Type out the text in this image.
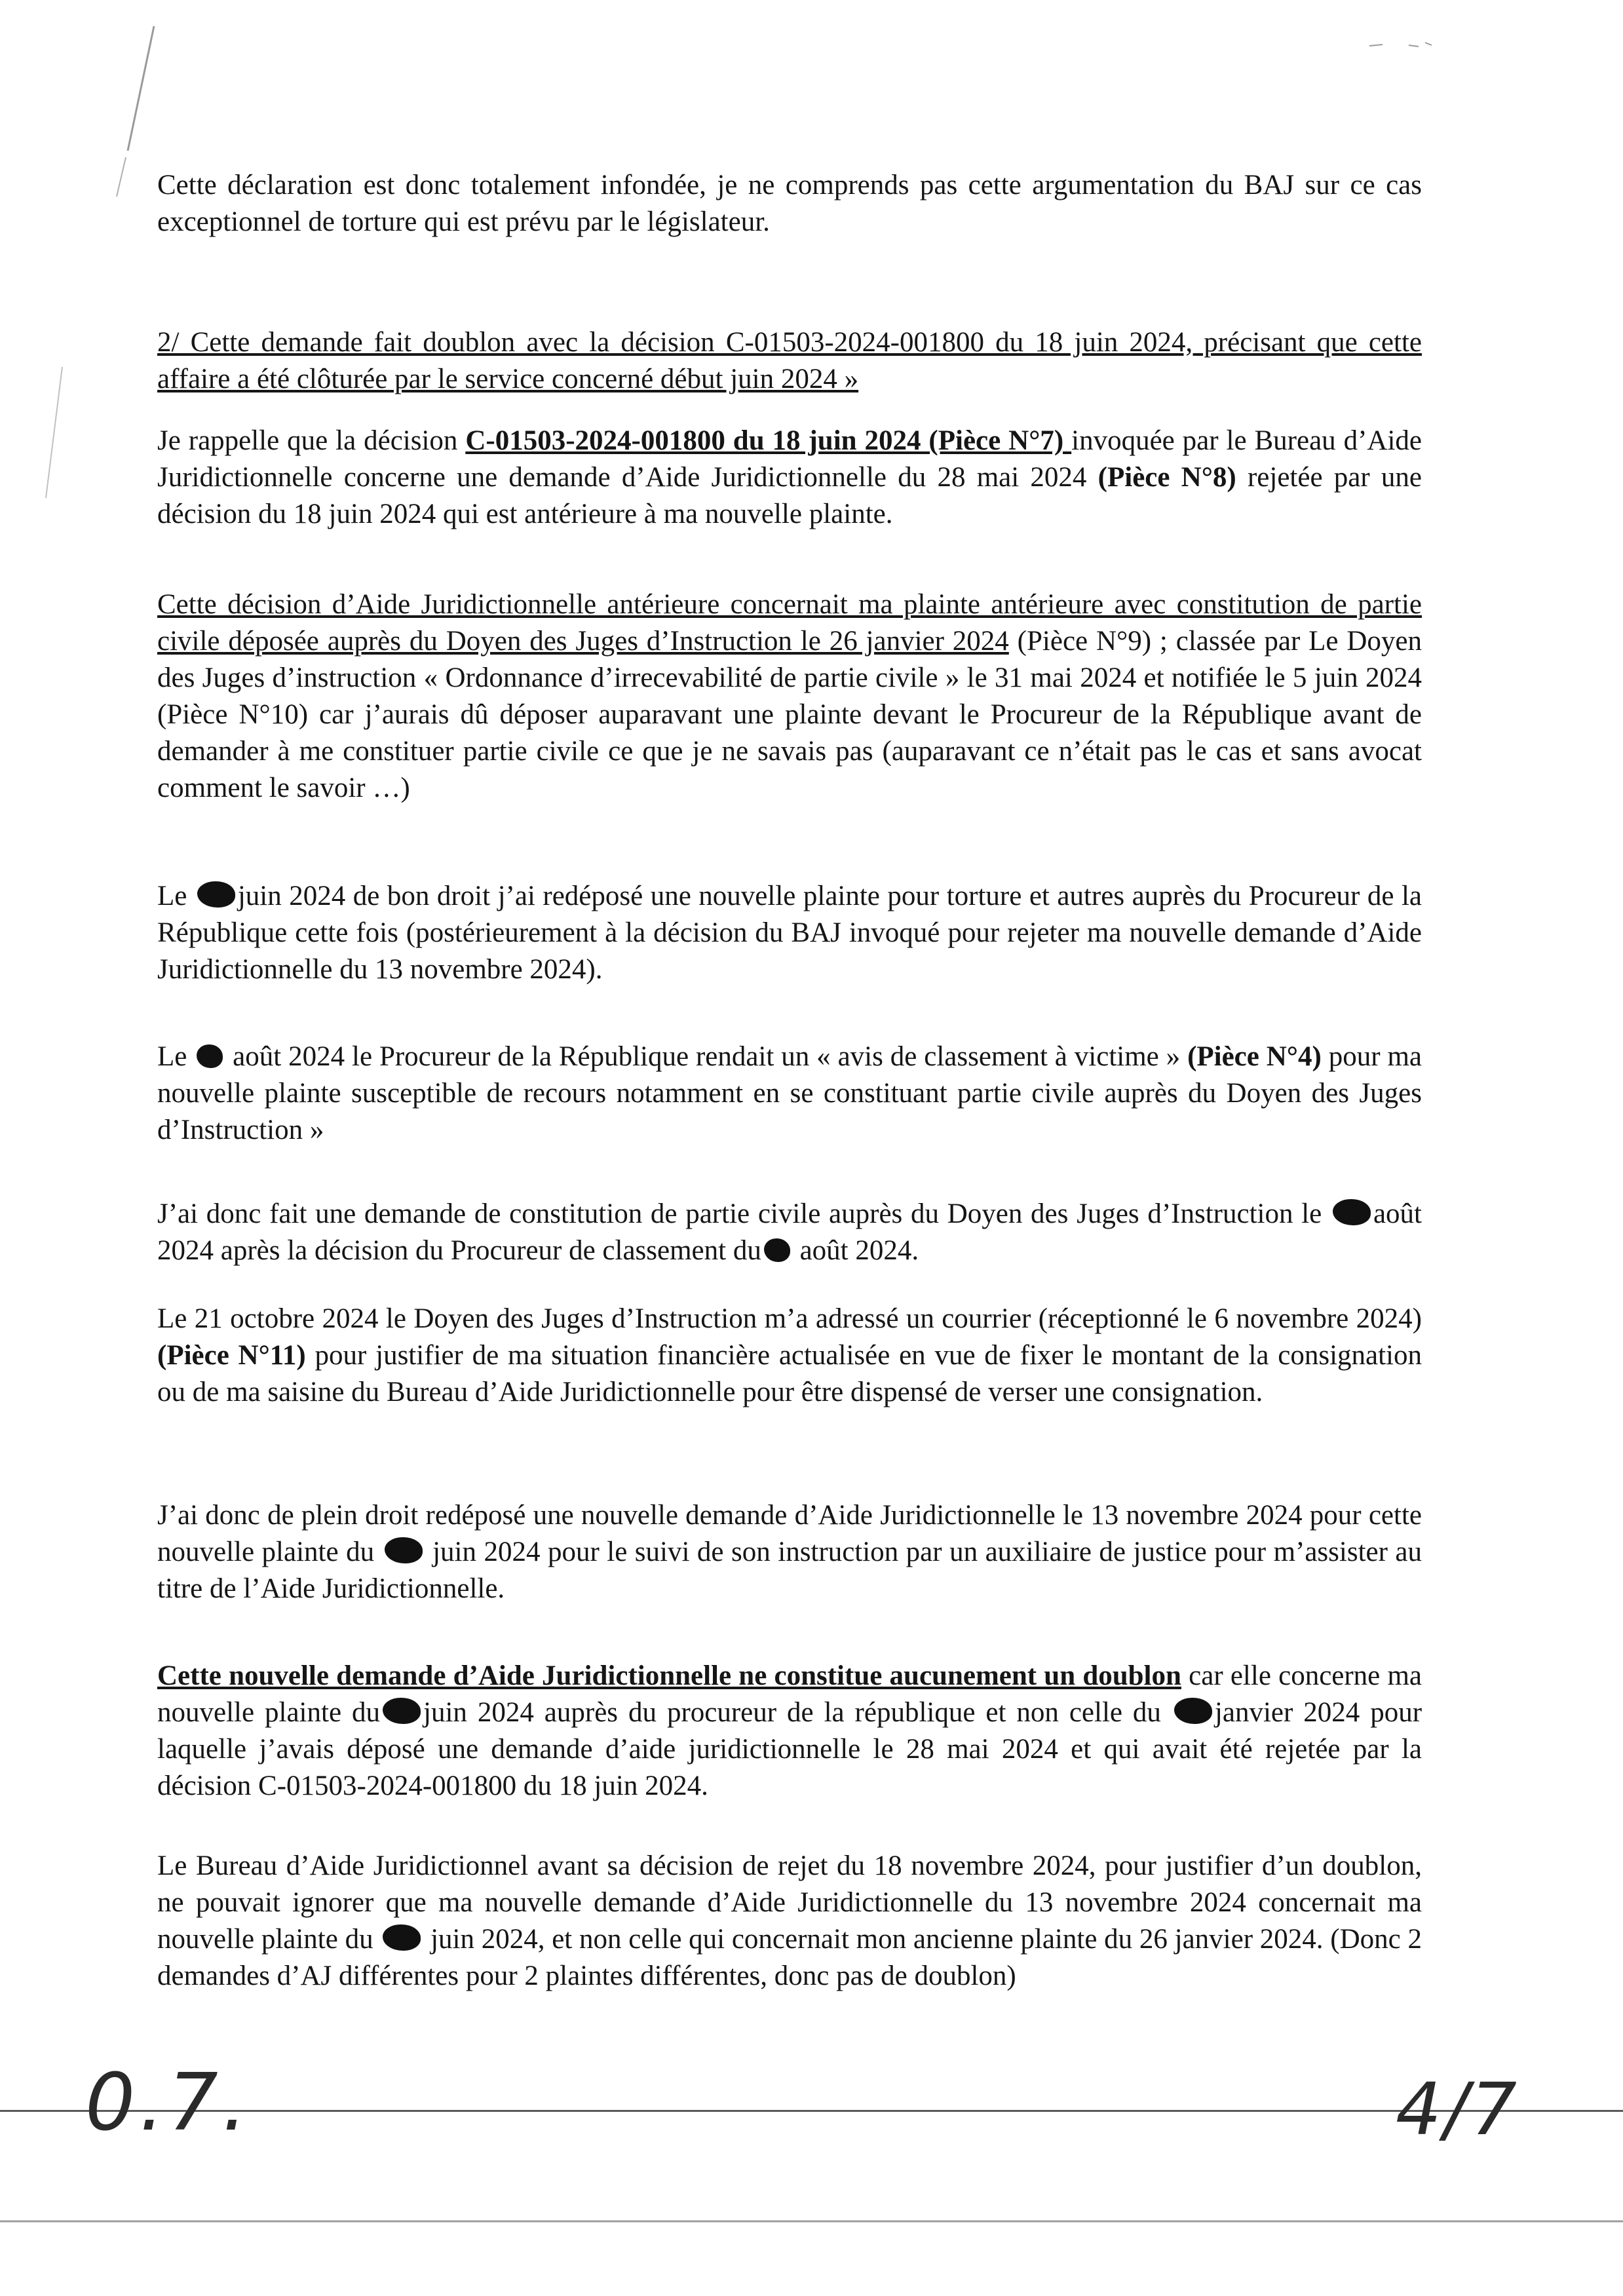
Cette déclaration est donc totalement infondée, je ne comprends pas cette argumentation du BAJ sur ce cas exceptionnel de torture qui est prévu par le législateur.
2/ Cette demande fait doublon avec la décision C-01503-2024-001800 du 18 juin 2024, précisant que cette affaire a été clôturée par le service concerné début juin 2024 »
Je rappelle que la décision C-01503-2024-001800 du 18 juin 2024 (Pièce N°7) invoquée par le Bureau d’Aide Juridictionnelle concerne une demande d’Aide Juridictionnelle du 28 mai 2024 (Pièce N°8) rejetée par une décision du 18 juin 2024 qui est antérieure à ma nouvelle plainte.
Cette décision d’Aide Juridictionnelle antérieure concernait ma plainte antérieure avec constitution de partie civile déposée auprès du Doyen des Juges d’Instruction le 26 janvier 2024 (Pièce N°9) ; classée par Le Doyen des Juges d’instruction « Ordonnance d’irrecevabilité de partie civile » le 31 mai 2024 et notifiée le 5 juin 2024 (Pièce N°10) car j’aurais dû déposer auparavant une plainte devant le Procureur de la République avant de demander à me constituer partie civile ce que je ne savais pas (auparavant ce n’était pas le cas et sans avocat comment le savoir …)
Le juin 2024 de bon droit j’ai redéposé une nouvelle plainte pour torture et autres auprès du Procureur de la République cette fois (postérieurement à la décision du BAJ invoqué pour rejeter ma nouvelle demande d’Aide Juridictionnelle du 13 novembre 2024).
Le  août 2024 le Procureur de la République rendait un « avis de classement à victime » (Pièce N°4) pour ma nouvelle plainte susceptible de recours notamment en se constituant partie civile auprès du Doyen des Juges d’Instruction »
J’ai donc fait une demande de constitution de partie civile auprès du Doyen des Juges d’Instruction le août 2024 après la décision du Procureur de classement du août 2024.
Le 21 octobre 2024 le Doyen des Juges d’Instruction m’a adressé un courrier (réceptionné le 6 novembre 2024) (Pièce N°11) pour justifier de ma situation financière actualisée en vue de fixer le montant de la consignation ou de ma saisine du Bureau d’Aide Juridictionnelle pour être dispensé de verser une consignation.
J’ai donc de plein droit redéposé une nouvelle demande d’Aide Juridictionnelle le 13 novembre 2024 pour cette nouvelle plainte du  juin 2024 pour le suivi de son instruction par un auxiliaire de justice pour m’assister au titre de l’Aide Juridictionnelle.
Cette nouvelle demande d’Aide Juridictionnelle ne constitue aucunement un doublon car elle concerne ma nouvelle plainte du juin 2024 auprès du procureur de la république et non celle du janvier 2024 pour laquelle j’avais déposé une demande d’aide juridictionnelle le 28 mai 2024 et qui avait été rejetée par la décision C-01503-2024-001800 du 18 juin 2024.
Le Bureau d’Aide Juridictionnel avant sa décision de rejet du 18 novembre 2024, pour justifier d’un doublon, ne pouvait ignorer que ma nouvelle demande d’Aide Juridictionnelle du 13 novembre 2024 concernait ma nouvelle plainte du  juin 2024, et non celle qui concernait mon ancienne plainte du 26 janvier 2024. (Donc 2 demandes d’AJ différentes pour 2 plaintes différentes, donc pas de doublon)
0.7.	4/7
